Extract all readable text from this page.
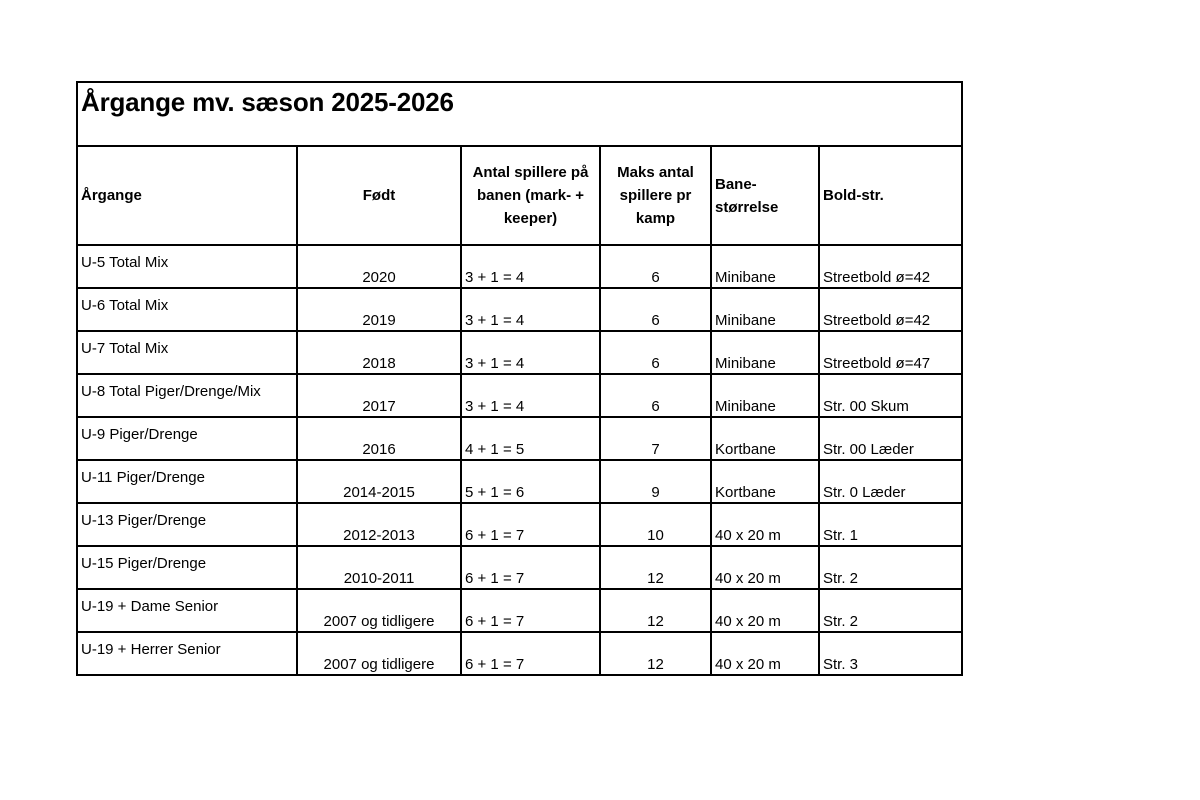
Årgange mv. sæson 2025-2026					
Årgange	Født	Antal spillere på banen (mark- + keeper)	Maks antal spillere pr kamp	Bane-størrelse	Bold-str.
U-5 Total Mix	2020	3 + 1 = 4	6	Minibane	Streetbold ø=42
U-6 Total Mix	2019	3 + 1 = 4	6	Minibane	Streetbold ø=42
U-7 Total Mix	2018	3 + 1 = 4	6	Minibane	Streetbold ø=47
U-8 Total Piger/Drenge/Mix	2017	3 + 1 = 4	6	Minibane	Str. 00 Skum
U-9 Piger/Drenge	2016	4 + 1 = 5	7	Kortbane	Str. 00 Læder
U-11 Piger/Drenge	2014-2015	5 + 1 = 6	9	Kortbane	Str. 0 Læder
U-13 Piger/Drenge	2012-2013	6 + 1 = 7	10	40 x 20 m	Str. 1
U-15 Piger/Drenge	2010-2011	6 + 1 = 7	12	40 x 20 m	Str. 2
U-19 + Dame Senior	2007 og tidligere	6 + 1 = 7	12	40 x 20 m	Str. 2
U-19 + Herrer Senior	2007 og tidligere	6 + 1 = 7	12	40 x 20 m	Str. 3
